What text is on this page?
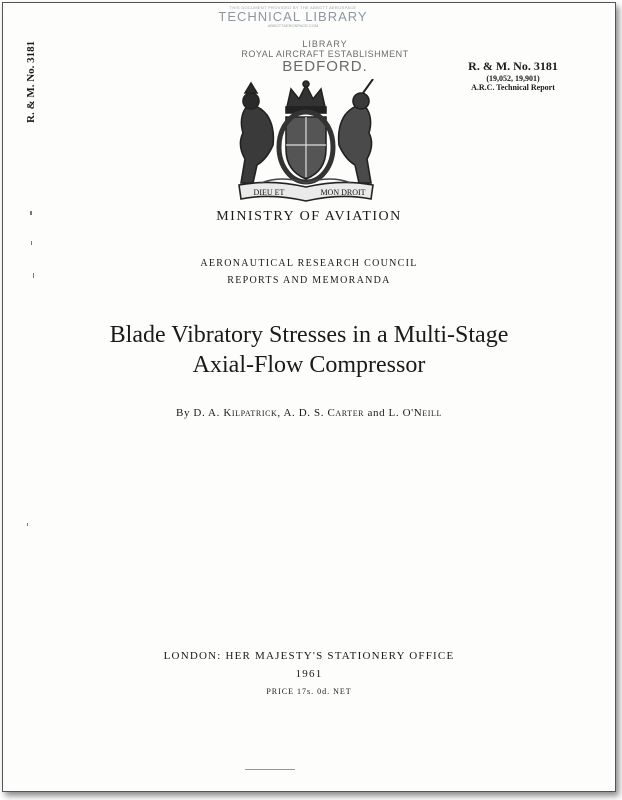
THIS DOCUMENT PROVIDED BY THE ABBOTT AEROSPACE
TECHNICAL LIBRARY
ABBOTTAEROSPACE.COM
LIBRARY
ROYAL AIRCRAFT ESTABLISHMENT
BEDFORD.	R. & M. No. 3181
(19,052, 19,901)
A.R.C. Technical Report
R. & M. No. 3181
DIEU ET	MON DROIT
MINISTRY OF AVIATION
AERONAUTICAL RESEARCH COUNCIL
REPORTS AND MEMORANDA
Blade Vibratory Stresses in a Multi-Stage
Axial-Flow Compressor
By D. A. Kilpatrick, A. D. S. Carter and L. O'Neill
LONDON: HER MAJESTY'S STATIONERY OFFICE
1961
PRICE 17s. 0d. NET
